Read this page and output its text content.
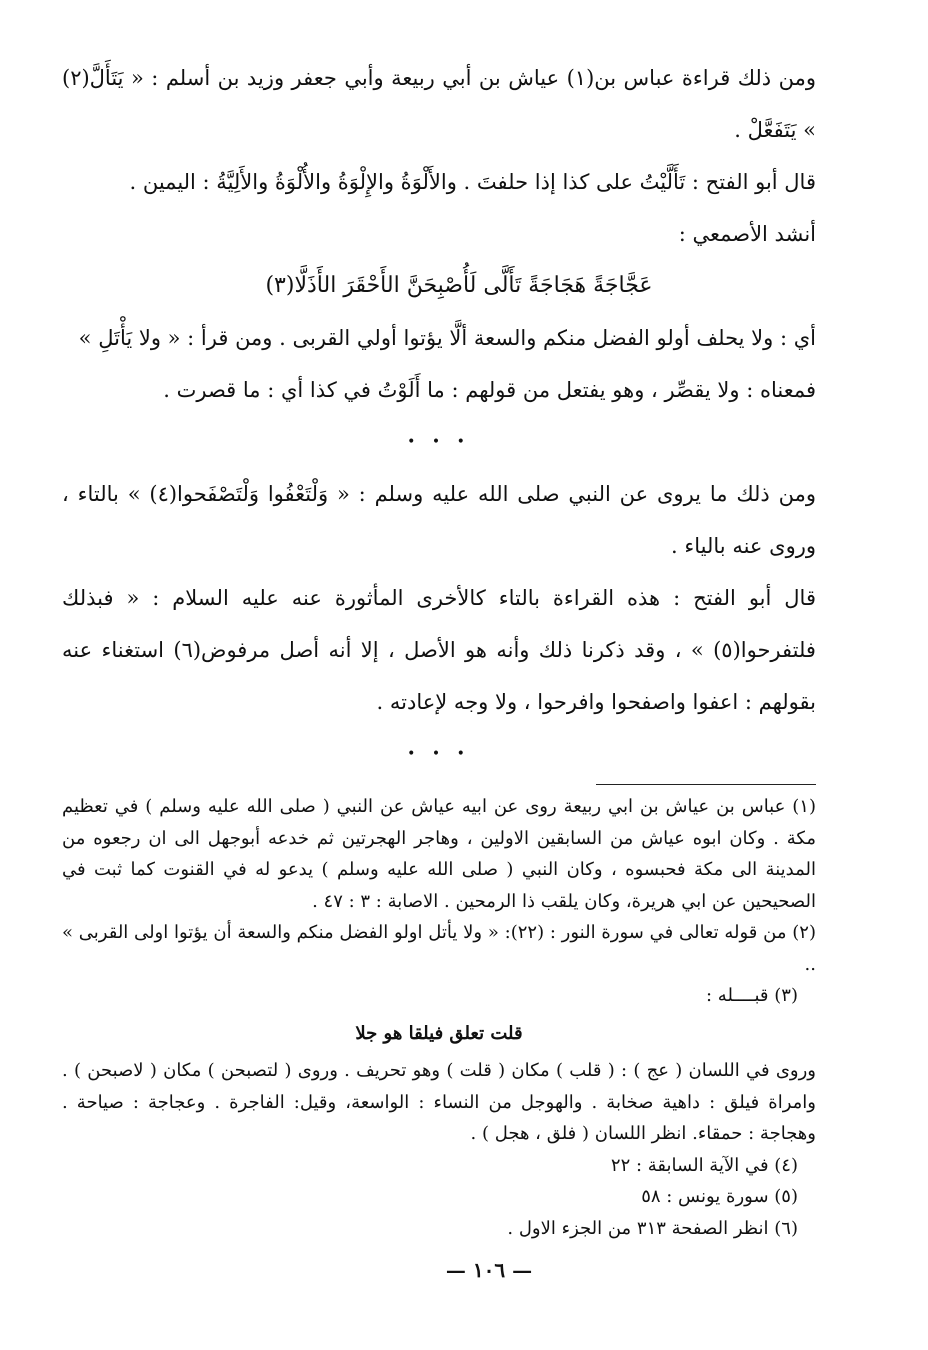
ومن ذلك قراءة عباس بن(١) عياش بن أبي ربيعة وأبي جعفر وزيد بن أسلم : « يَتَأَلَّ(٢) » يَتَفَعَّلْ .

قال أبو الفتح : تَأَلَّيْتُ على كذا إذا حلفتَ . والأَلْوَةُ والإِلْوَةُ والأُلْوَةُ والأَلِيَّةُ : اليمين .

أنشد الأصمعي :

عَجَّاجَةً هَجَاجَةً تَأَلَّى لَأُصْبِحَنَّ الأَحْقَرَ الأَذَلَّا(٣)

أي : ولا يحلف أولو الفضل منكم والسعة ألَّا يؤتوا أولي القربى . ومن قرأ : « ولا يَأْتَلِ »

فمعناه : ولا يقصِّر ، وهو يفتعل من قولهم : ما أَلَوْتُ في كذا أي : ما قصرت .

• • •

ومن ذلك ما يروى عن النبي صلى الله عليه وسلم : « وَلْتَعْفُوا وَلْتَصْفَحوا(٤) » بالتاء ، وروى عنه بالياء .

قال أبو الفتح : هذه القراءة بالتاء كالأخرى المأثورة عنه عليه السلام : « فبذلك فلتفرحوا(٥) » ، وقد ذكرنا ذلك وأنه هو الأصل ، إلا أنه أصل مرفوض(٦) استغناء عنه بقولهم : اعفوا واصفحوا وافرحوا ، ولا وجه لإعادته .

• • •

(١) عباس بن عياش بن ابي ربيعة روى عن ابيه عياش عن النبي ( صلى الله عليه وسلم ) في تعظيم مكة . وكان ابوه عياش من السابقين الاولين ، وهاجر الهجرتين ثم خدعه أبوجهل الى ان رجعوه من المدينة الى مكة فحبسوه ، وكان النبي ( صلى الله عليه وسلم ) يدعو له في القنوت كما ثبت في الصحيحين عن ابي هريرة، وكان يلقب ذا الرمحين . الاصابة : ٣ : ٤٧ .

(٢) من قوله تعالى في سورة النور : (٢٢): « ولا يأتل اولو الفضل منكم والسعة أن يؤتوا اولى القربى » ..

(٣) قبــــله :

قلت تعلق فيلقا هو جلا

وروى في اللسان ( عج ) : ( قلب ) مكان ( قلت ) وهو تحريف . وروى ( لتصبحن ) مكان ( لاصبحن ) . وامراة فيلق : داهية صخابة . والهوجل من النساء : الواسعة، وقيل: الفاجرة . وعجاجة : صياحة . وهجاجة : حمقاء. انظر اللسان ( فلق ، هجل ) .

(٤) في الآية السابقة : ٢٢

(٥) سورة يونس : ٥٨

(٦) انظر الصفحة ٣١٣ من الجزء الاول .

— ١٠٦ —
